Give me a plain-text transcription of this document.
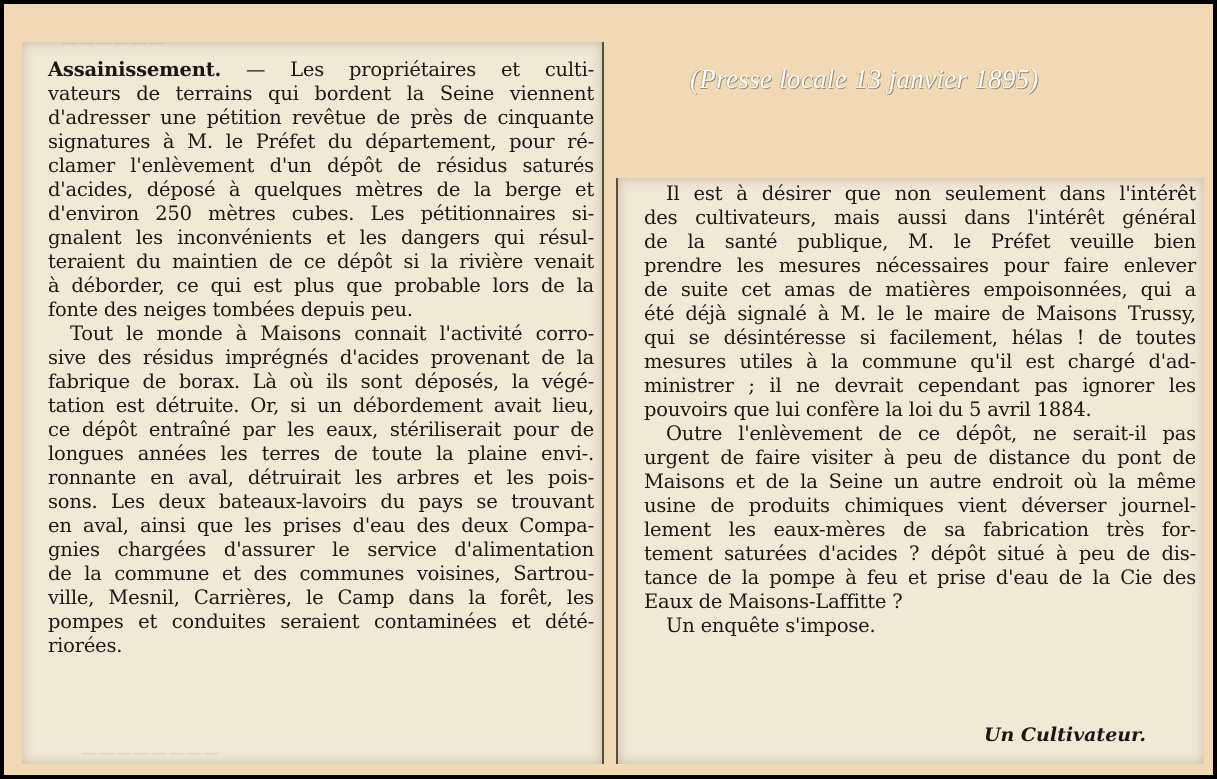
(Presse locale 13 janvier 1895)
— — — — — —
Assainissement. — Les propriétaires et culti-
vateurs de terrains qui bordent la Seine viennent
d'adresser une pétition revêtue de près de cinquante
signatures à M. le Préfet du département, pour ré-
clamer l'enlèvement d'un dépôt de résidus saturés
d'acides, déposé à quelques mètres de la berge et
d'environ 250 mètres cubes. Les pétitionnaires si-
gnalent les inconvénients et les dangers qui résul-
teraient du maintien de ce dépôt si la rivière venait
à déborder, ce qui est plus que probable lors de la
fonte des neiges tombées depuis peu.
Tout le monde à Maisons connait l'activité corro-
sive des résidus imprégnés d'acides provenant de la
fabrique de borax. Là où ils sont déposés, la végé-
tation est détruite. Or, si un débordement avait lieu,
ce dépôt entraîné par les eaux, stériliserait pour de
longues années les terres de toute la plaine envi-.
ronnante en aval, détruirait les arbres et les pois-
sons. Les deux bateaux-lavoirs du pays se trouvant
en aval, ainsi que les prises d'eau des deux Compa-
gnies chargées d'assurer le service d'alimentation
de la commune et des communes voisines, Sartrou-
ville, Mesnil, Carrières, le Camp dans la forêt, les
pompes et conduites seraient contaminées et dété-
riorées.
— — — — — — — —
Il est à désirer que non seulement dans l'intérêt
des cultivateurs, mais aussi dans l'intérêt général
de la santé publique, M. le Préfet veuille bien
prendre les mesures nécessaires pour faire enlever
de suite cet amas de matières empoisonnées, qui a
été déjà signalé à M. le le maire de Maisons Trussy,
qui se désintéresse si facilement, hélas ! de toutes
mesures utiles à la commune qu'il est chargé d'ad-
ministrer ; il ne devrait cependant pas ignorer les
pouvoirs que lui confère la loi du 5 avril 1884.
Outre l'enlèvement de ce dépôt, ne serait-il pas
urgent de faire visiter à peu de distance du pont de
Maisons et de la Seine un autre endroit où la même
usine de produits chimiques vient déverser journel-
lement les eaux-mères de sa fabrication très for-
tement saturées d'acides ? dépôt situé à peu de dis-
tance de la pompe à feu et prise d'eau de la Cie des
Eaux de Maisons-Laffitte ?
Un enquête s'impose.
Un Cultivateur.
